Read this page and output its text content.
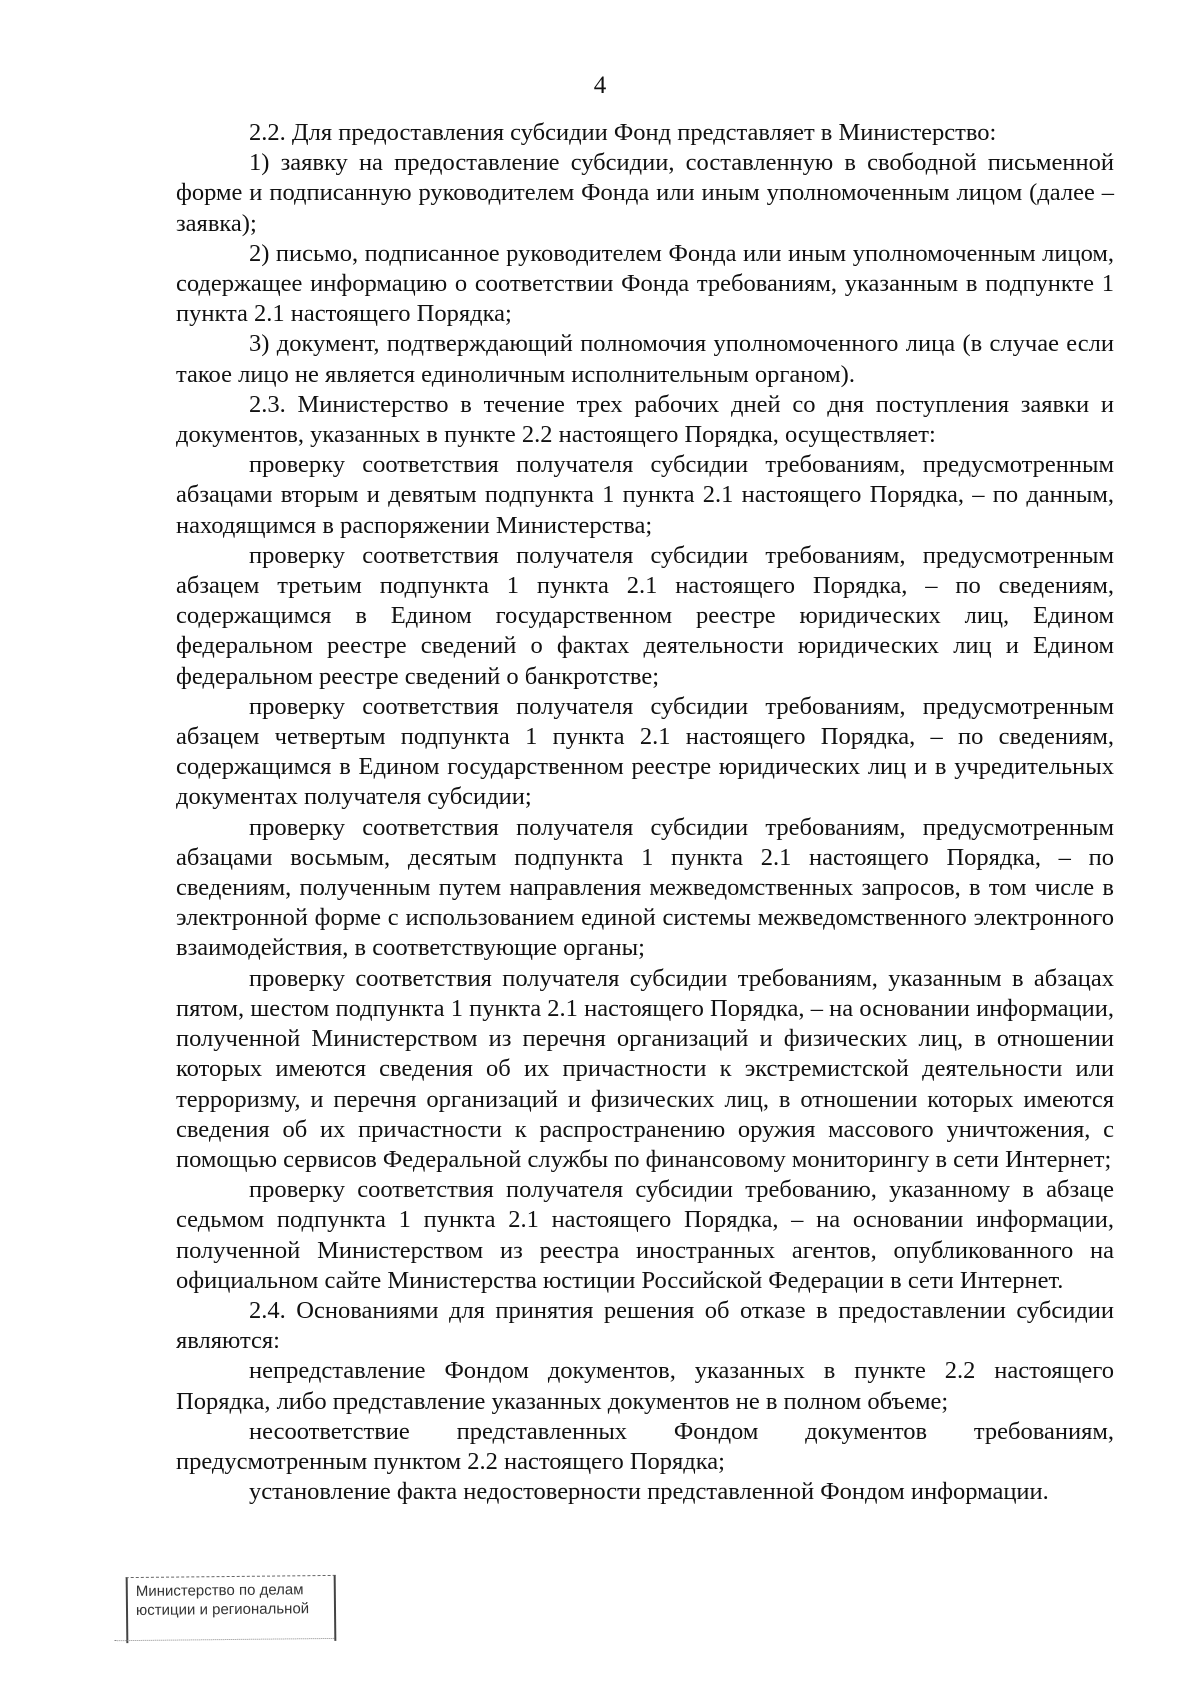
4

2.2. Для предоставления субсидии Фонд представляет в Министерство:

1) заявку на предоставление субсидии, составленную в свободной письменной форме и подписанную руководителем Фонда или иным уполномоченным лицом (далее – заявка);

2) письмо, подписанное руководителем Фонда или иным уполномоченным лицом, содержащее информацию о соответствии Фонда требованиям, указанным в подпункте 1 пункта 2.1 настоящего Порядка;

3) документ, подтверждающий полномочия уполномоченного лица (в случае если такое лицо не является единоличным исполнительным органом).

2.3. Министерство в течение трех рабочих дней со дня поступления заявки и документов, указанных в пункте 2.2 настоящего Порядка, осуществляет:

проверку соответствия получателя субсидии требованиям, предусмотренным абзацами вторым и девятым подпункта 1 пункта 2.1 настоящего Порядка, – по данным, находящимся в распоряжении Министерства;

проверку соответствия получателя субсидии требованиям, предусмотренным абзацем третьим подпункта 1 пункта 2.1 настоящего Порядка, – по сведениям, содержащимся в Едином государственном реестре юридических лиц, Едином федеральном реестре сведений о фактах деятельности юридических лиц и Едином федеральном реестре сведений о банкротстве;

проверку соответствия получателя субсидии требованиям, предусмотренным абзацем четвертым подпункта 1 пункта 2.1 настоящего Порядка, – по сведениям, содержащимся в Едином государственном реестре юридических лиц и в учредительных документах получателя субсидии;

проверку соответствия получателя субсидии требованиям, предусмотренным абзацами восьмым, десятым подпункта 1 пункта 2.1 настоящего Порядка, – по сведениям, полученным путем направления межведомственных запросов, в том числе в электронной форме с использованием единой системы межведомственного электронного взаимодействия, в соответствующие органы;

проверку соответствия получателя субсидии требованиям, указанным в абзацах пятом, шестом подпункта 1 пункта 2.1 настоящего Порядка, – на основании информации, полученной Министерством из перечня организаций и физических лиц, в отношении которых имеются сведения об их причастности к экстремистской деятельности или терроризму, и перечня организаций и физических лиц, в отношении которых имеются сведения об их причастности к распространению оружия массового уничтожения, с помощью сервисов Федеральной службы по финансовому мониторингу в сети Интернет;

проверку соответствия получателя субсидии требованию, указанному в абзаце седьмом подпункта 1 пункта 2.1 настоящего Порядка, – на основании информации, полученной Министерством из реестра иностранных агентов, опубликованного на официальном сайте Министерства юстиции Российской Федерации в сети Интернет.

2.4. Основаниями для принятия решения об отказе в предоставлении субсидии являются:

непредставление Фондом документов, указанных в пункте 2.2 настоящего Порядка, либо представление указанных документов не в полном объеме;

несоответствие представленных Фондом документов требованиям, предусмотренным пунктом 2.2 настоящего Порядка;

установление факта недостоверности представленной Фондом информации.

Министерство по делам
юстиции и региональной
